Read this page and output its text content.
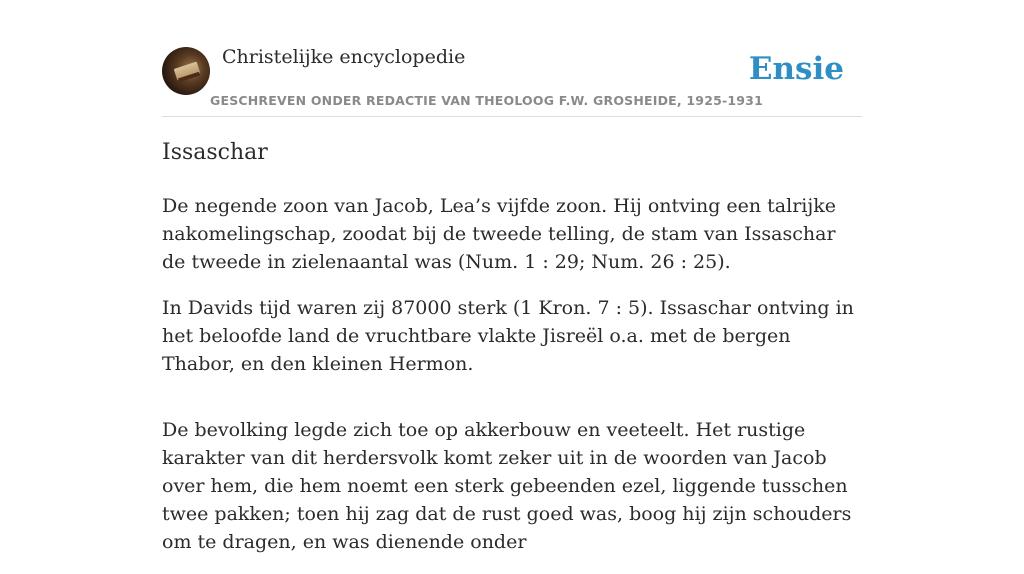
Christelijke encyclopedie
GESCHREVEN ONDER REDACTIE VAN THEOLOOG F.W. GROSHEIDE, 1925-1931
Ensie
Issaschar

De negende zoon van Jacob, Lea’s vijfde zoon. Hij ontving een talrijke nakomelingschap, zoodat bij de tweede telling, de stam van Issaschar de tweede in zielenaantal was (Num. 1 : 29; Num. 26 : 25).

In Davids tijd waren zij 87000 sterk (1 Kron. 7 : 5). Issaschar ontving in het beloofde land de vruchtbare vlakte Jisreël o.a. met de bergen Thabor, en den kleinen Hermon.

De bevolking legde zich toe op akkerbouw en veeteelt. Het rustige karakter van dit herdersvolk komt zeker uit in de woorden van Jacob over hem, die hem noemt een sterk gebeenden ezel, liggende tusschen twee pakken; toen hij zag dat de rust goed was, boog hij zijn schouders om te dragen, en was dienende onder
